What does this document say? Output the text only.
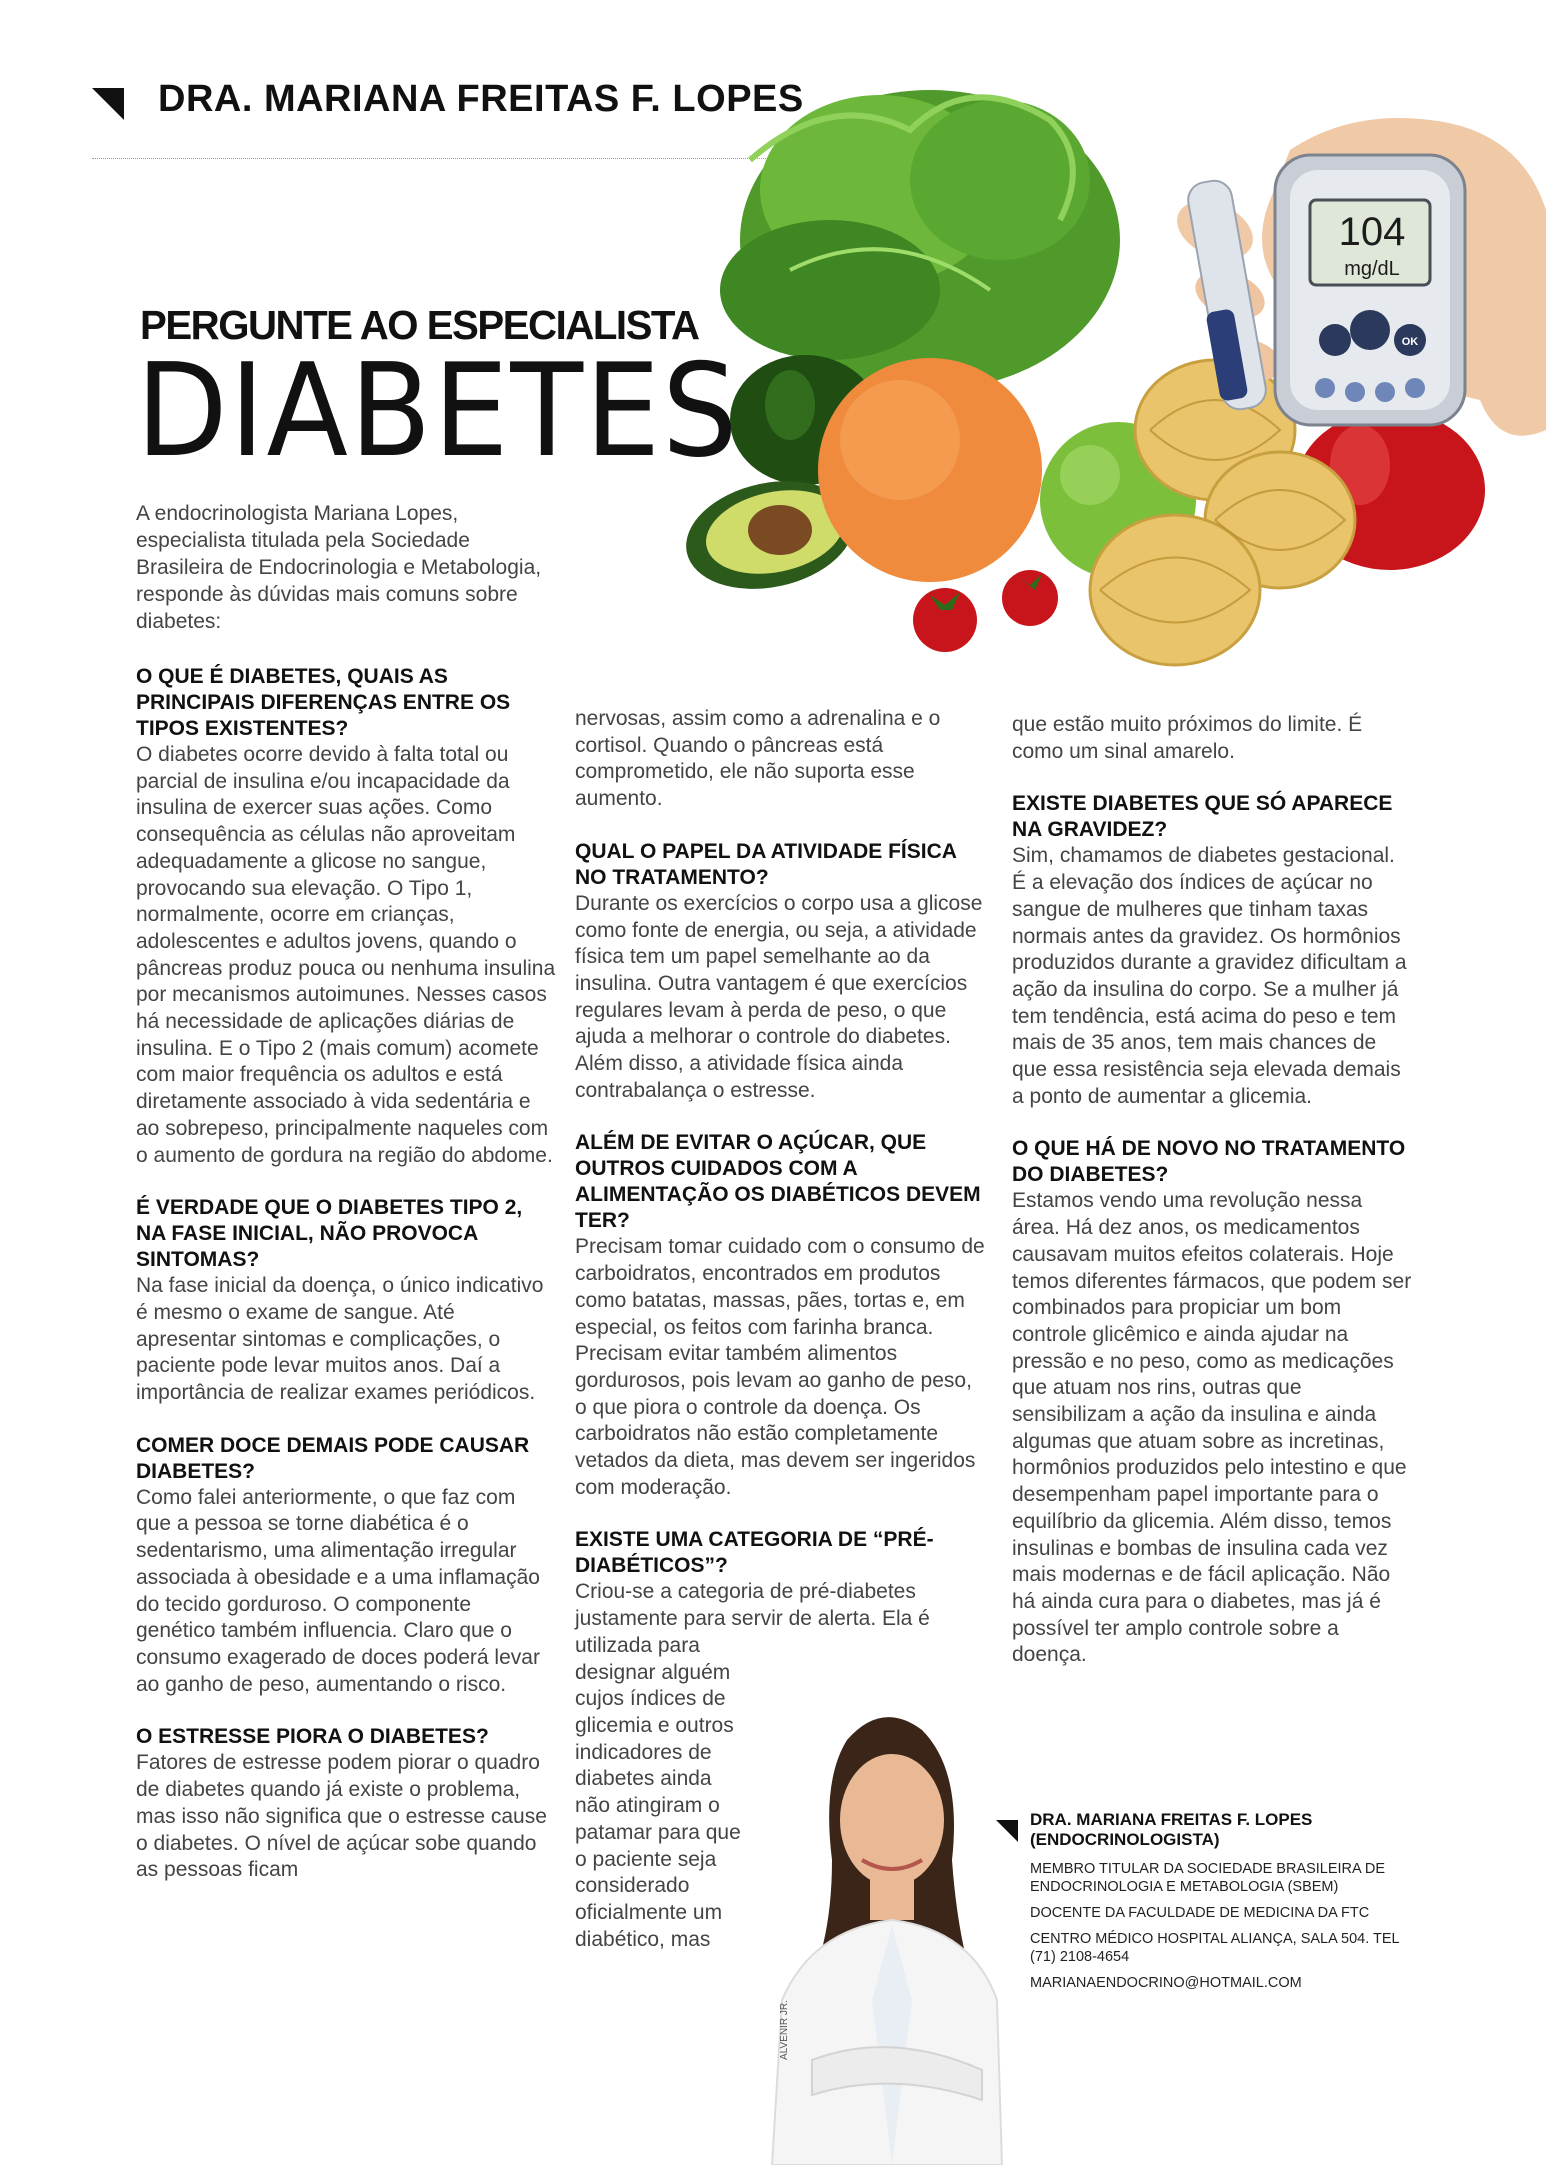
DRA. MARIANA FREITAS F. LOPES
104
mg/dL
OK
PERGUNTE AO ESPECIALISTA
DIABETES

A endocrinologista Mariana Lopes, especialista titulada pela Sociedade Brasileira de Endocrinologia e Metabologia, responde às dúvidas mais comuns sobre diabetes:

O QUE É DIABETES, QUAIS AS PRINCIPAIS DIFERENÇAS ENTRE OS TIPOS EXISTENTES?
O diabetes ocorre devido à falta total ou parcial de insulina e/ou incapacidade da insulina de exercer suas ações. Como consequência as células não aproveitam adequadamente a glicose no sangue, provocando sua elevação. O Tipo 1, normalmente, ocorre em crianças, adolescentes e adultos jovens, quando o pâncreas produz pouca ou nenhuma insulina por mecanismos autoimunes. Nesses casos há necessidade de aplicações diárias de insulina. E o Tipo 2 (mais comum) acomete com maior frequência os adultos e está diretamente associado à vida sedentária e ao sobrepeso, principalmente naqueles com o aumento de gordura na região do abdome.

É VERDADE QUE O DIABETES TIPO 2, NA FASE INICIAL, NÃO PROVOCA SINTOMAS?
Na fase inicial da doença, o único indicativo é mesmo o exame de sangue. Até apresentar sintomas e complicações, o paciente pode levar muitos anos. Daí a importância de realizar exames periódicos.

COMER DOCE DEMAIS PODE CAUSAR DIABETES?
Como falei anteriormente, o que faz com que a pessoa se torne diabética é o sedentarismo, uma alimentação irregular associada à obesidade e a uma inflamação do tecido gorduroso. O componente genético também influencia. Claro que o consumo exagerado de doces poderá levar ao ganho de peso, aumentando o risco.

O ESTRESSE PIORA O DIABETES?
Fatores de estresse podem piorar o quadro de diabetes quando já existe o problema, mas isso não significa que o estresse cause o diabetes. O nível de açúcar sobe quando as pessoas ficam

nervosas, assim como a adrenalina e o cortisol. Quando o pâncreas está comprometido, ele não suporta esse aumento.

QUAL O PAPEL DA ATIVIDADE FÍSICA NO TRATAMENTO?
Durante os exercícios o corpo usa a glicose como fonte de energia, ou seja, a atividade física tem um papel semelhante ao da insulina. Outra vantagem é que exercícios regulares levam à perda de peso, o que ajuda a melhorar o controle do diabetes. Além disso, a atividade física ainda contrabalança o estresse.

ALÉM DE EVITAR O AÇÚCAR, QUE OUTROS CUIDADOS COM A ALIMENTAÇÃO OS DIABÉTICOS DEVEM TER?
Precisam tomar cuidado com o consumo de carboidratos, encontrados em produtos como batatas, massas, pães, tortas e, em especial, os feitos com farinha branca. Precisam evitar também alimentos gordurosos, pois levam ao ganho de peso, o que piora o controle da doença. Os carboidratos não estão completamente vetados da dieta, mas devem ser ingeridos com moderação.

EXISTE UMA CATEGORIA DE “PRÉ-DIABÉTICOS”?
Criou-se a categoria de pré-diabetes justamente para servir de alerta. Ela é

utilizada para designar alguém cujos índices de glicemia e outros indicadores de diabetes ainda não atingiram o patamar para que o paciente seja considerado oficialmente um diabético, mas

ALVENIR JR.

que estão muito próximos do limite. É como um sinal amarelo.

EXISTE DIABETES QUE SÓ APARECE NA GRAVIDEZ?
Sim, chamamos de diabetes gestacional. É a elevação dos índices de açúcar no sangue de mulheres que tinham taxas normais antes da gravidez. Os hormônios produzidos durante a gravidez dificultam a ação da insulina do corpo. Se a mulher já tem tendência, está acima do peso e tem mais de 35 anos, tem mais chances de que essa resistência seja elevada demais a ponto de aumentar a glicemia.

O QUE HÁ DE NOVO NO TRATAMENTO DO DIABETES?
Estamos vendo uma revolução nessa área. Há dez anos, os medicamentos causavam muitos efeitos colaterais. Hoje temos diferentes fármacos, que podem ser combinados para propiciar um bom controle glicêmico e ainda ajudar na pressão e no peso, como as medicações que atuam nos rins, outras que sensibilizam a ação da insulina e ainda algumas que atuam sobre as incretinas, hormônios produzidos pelo intestino e que desempenham papel importante para o equilíbrio da glicemia. Além disso, temos insulinas e bombas de insulina cada vez mais modernas e de fácil aplicação. Não há ainda cura para o diabetes, mas já é possível ter amplo controle sobre a doença.

DRA. MARIANA FREITAS F. LOPES (ENDOCRINOLOGISTA)

MEMBRO TITULAR DA SOCIEDADE BRASILEIRA DE ENDOCRINOLOGIA E METABOLOGIA (SBEM)

DOCENTE DA FACULDADE DE MEDICINA DA FTC

CENTRO MÉDICO HOSPITAL ALIANÇA, SALA 504. TEL (71) 2108-4654

MARIANAENDOCRINO@HOTMAIL.COM
